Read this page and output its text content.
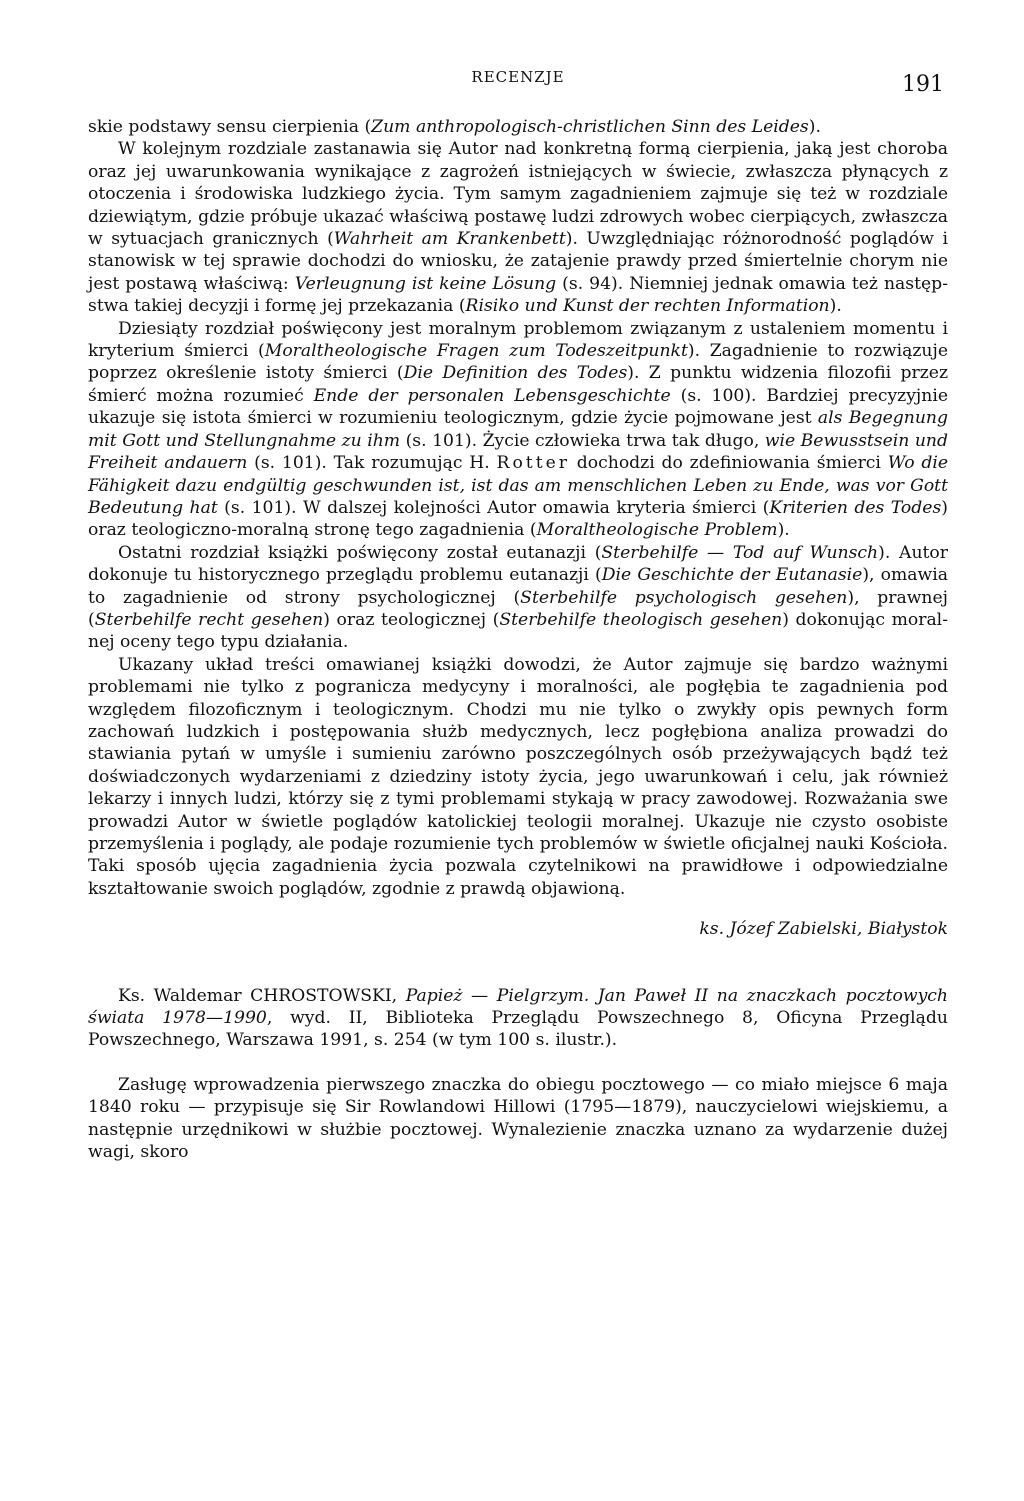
RECENZJE	191

skie podstawy sensu cierpienia (Zum anthropologisch-christlichen Sinn des Leides).

W kolejnym rozdziale zastanawia się Autor nad konkretną formą cierpienia, jaką jest choroba oraz jej uwarunkowania wynikające z zagrożeń istniejących w świecie, zwłaszcza płynących z otoczenia i środowiska ludzkiego życia. Tym samym zagadnieniem zajmuje się też w rozdziale dziewiątym, gdzie próbuje ukazać właściwą postawę ludzi zdrowych wobec cierpiących, zwłaszcza w sytuacjach granicznych (Wahrheit am Krankenbett). Uwzględniając różnorodność poglądów i stanowisk w tej sprawie dochodzi do wniosku, że zatajenie prawdy przed śmiertelnie chorym nie jest postawą właściwą: Verleugnung ist keine Lösung (s. 94). Niemniej jednak omawia też następstwa takiej decyzji i formę jej przekazania (Risiko und Kunst der rechten Information).

Dziesiąty rozdział poświęcony jest moralnym problemom związanym z ustaleniem momentu i kryterium śmierci (Moraltheologische Fragen zum Todeszeitpunkt). Zagadnienie to rozwiązuje poprzez określenie istoty śmierci (Die Definition des Todes). Z punktu widzenia filozofii przez śmierć można rozumieć Ende der personalen Lebensgeschichte (s. 100). Bardziej precyzyjnie ukazuje się istota śmierci w rozumieniu teologicznym, gdzie życie pojmowane jest als Begegnung mit Gott und Stellungnahme zu ihm (s. 101). Życie człowieka trwa tak długo, wie Bewusstsein und Freiheit andauern (s. 101). Tak rozumując H. Rotter dochodzi do zdefiniowania śmierci Wo die Fähigkeit dazu endgültig geschwunden ist, ist das am menschlichen Leben zu Ende, was vor Gott Bedeutung hat (s. 101). W dalszej kolejności Autor omawia kryteria śmierci (Kriterien des Todes) oraz teologiczno-moralną stronę tego zagadnienia (Moraltheologische Problem).

Ostatni rozdział książki poświęcony został eutanazji (Sterbehilfe — Tod auf Wunsch). Autor dokonuje tu historycznego przeglądu problemu eutanazji (Die Geschichte der Eutanasie), omawia to zagadnienie od strony psychologicznej (Sterbehilfe psychologisch gesehen), prawnej (Sterbehilfe recht gesehen) oraz teologicznej (Sterbehilfe theologisch gesehen) dokonując moralnej oceny tego typu działania.

Ukazany układ treści omawianej książki dowodzi, że Autor zajmuje się bardzo ważnymi problemami nie tylko z pogranicza medycyny i moralności, ale pogłębia te zagadnienia pod względem filozoficznym i teologicznym. Chodzi mu nie tylko o zwykły opis pewnych form zachowań ludzkich i postępowania służb medycznych, lecz pogłębiona analiza prowadzi do stawiania pytań w umyśle i sumieniu zarówno poszczególnych osób przeżywających bądź też doświadczonych wydarzeniami z dziedziny istoty życia, jego uwarunkowań i celu, jak również lekarzy i innych ludzi, którzy się z tymi problemami stykają w pracy zawodowej. Rozważania swe prowadzi Autor w świetle poglądów katolickiej teologii moralnej. Ukazuje nie czysto osobiste przemyślenia i poglądy, ale podaje rozumienie tych problemów w świetle oficjalnej nauki Kościoła. Taki sposób ujęcia zagadnienia życia pozwala czytelnikowi na prawidłowe i odpowiedzialne kształtowanie swoich poglądów, zgodnie z prawdą objawioną.

ks. Józef Zabielski, Białystok

Ks. Waldemar CHROSTOWSKI, Papież — Pielgrzym. Jan Paweł II na znaczkach pocztowych świata 1978—1990, wyd. II, Biblioteka Przeglądu Powszechnego 8, Oficyna Przeglądu Powszechnego, Warszawa 1991, s. 254 (w tym 100 s. ilustr.).

Zasługę wprowadzenia pierwszego znaczka do obiegu pocztowego — co miało miejsce 6 maja 1840 roku — przypisuje się Sir Rowlandowi Hillowi (1795—1879), nauczycielowi wiejskiemu, a następnie urzędnikowi w służbie pocztowej. Wynalezienie znaczka uznano za wydarzenie dużej wagi, skoro
